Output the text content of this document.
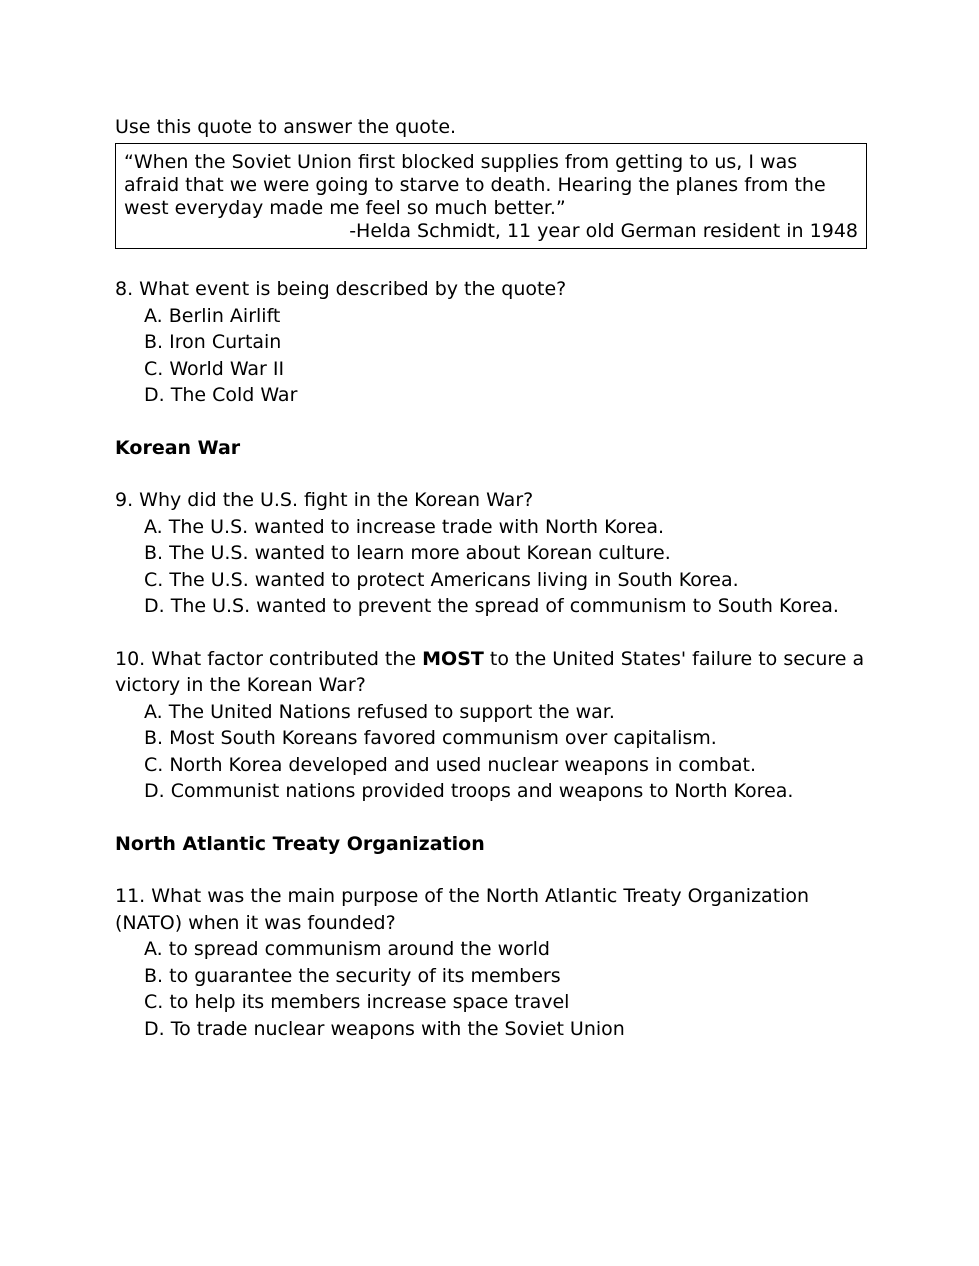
Use this quote to answer the quote.

“When the Soviet Union first blocked supplies from getting to us, I was afraid that we were going to starve to death. Hearing the planes from the west everyday made me feel so much better.”

-Helda Schmidt, 11 year old German resident in 1948

8. What event is being described by the quote?

A. Berlin Airlift
B. Iron Curtain
C. World War II
D. The Cold War

Korean War

9. Why did the U.S. fight in the Korean War?

A. The U.S. wanted to increase trade with North Korea.
B. The U.S. wanted to learn more about Korean culture.
C. The U.S. wanted to protect Americans living in South Korea.
D. The U.S. wanted to prevent the spread of communism to South Korea.

10. What factor contributed the MOST to the United States' failure to secure a victory in the Korean War?

A. The United Nations refused to support the war.
B. Most South Koreans favored communism over capitalism.
C. North Korea developed and used nuclear weapons in combat.
D. Communist nations provided troops and weapons to North Korea.

North Atlantic Treaty Organization

11. What was the main purpose of the North Atlantic Treaty Organization (NATO) when it was founded?

A. to spread communism around the world
B. to guarantee the security of its members
C. to help its members increase space travel
D. To trade nuclear weapons with the Soviet Union
